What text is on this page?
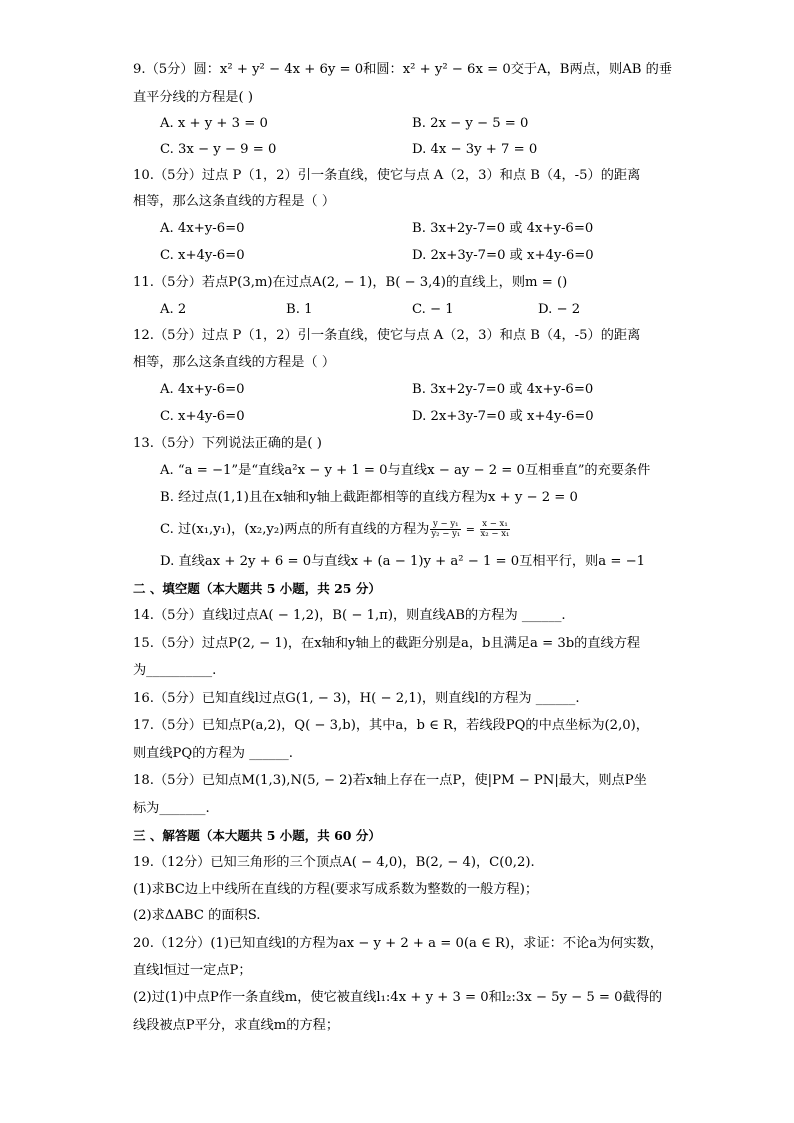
9.（5分）圆：x² + y² − 4x + 6y = 0和圆：x² + y² − 6x = 0交于A，B两点，则AB 的垂
直平分线的方程是( )
A. x + y + 3 = 0	B. 2x − y − 5 = 0
C. 3x − y − 9 = 0	D. 4x − 3y + 7 = 0
10.（5分）过点 P（1，2）引一条直线，使它与点 A（2，3）和点 B（4，-5）的距离
相等，那么这条直线的方程是（ ）
A. 4x+y-6=0	B. 3x+2y-7=0 或 4x+y-6=0
C. x+4y-6=0	D. 2x+3y-7=0 或 x+4y-6=0
11.（5分）若点P(3,m)在过点A(2, − 1)，B( − 3,4)的直线上，则m = ()
A. 2	B. 1	C. − 1	D. − 2
12.（5分）过点 P（1，2）引一条直线，使它与点 A（2，3）和点 B（4，-5）的距离
相等，那么这条直线的方程是（ ）
A. 4x+y-6=0	B. 3x+2y-7=0 或 4x+y-6=0
C. x+4y-6=0	D. 2x+3y-7=0 或 x+4y-6=0
13.（5分）下列说法正确的是( )
A. “a = −1”是“直线a²x − y + 1 = 0与直线x − ay − 2 = 0互相垂直”的充要条件
B. 经过点(1,1)且在x轴和y轴上截距都相等的直线方程为x + y − 2 = 0
C. 过(x₁,y₁)，(x₂,y₂)两点的所有直线的方程为 $\frac{\text{y − y₁}}{\text{y₂ − y₁}} = \frac{\text{x − x₁}}{\text{x₂ − x₁}}$
D. 直线ax + 2y + 6 = 0与直线x + (a − 1)y + a² − 1 = 0互相平行，则a = −1
二 、填空题（本大题共 5 小题，共 25 分）
14.（5分）直线l过点A( − 1,2)，B( − 1,π)，则直线AB的方程为 ______.
15.（5分）过点P(2, − 1)，在x轴和y轴上的截距分别是a，b且满足a = 3b的直线方程
为__________.
16.（5分）已知直线l过点G(1, − 3)，H( − 2,1)，则直线l的方程为 ______.
17.（5分）已知点P(a,2)，Q( − 3,b)，其中a，b ∈ R，若线段PQ的中点坐标为(2,0)，
则直线PQ的方程为 ______.
18.（5分）已知点M(1,3),N(5, − 2)若x轴上存在一点P，使|PM − PN|最大，则点P坐
标为_______.
三 、解答题（本大题共 5 小题，共 60 分）
19.（12分）已知三角形的三个顶点A( − 4,0)，B(2, − 4)，C(0,2).
(1)求BC边上中线所在直线的方程(要求写成系数为整数的一般方程)；
(2)求ΔABC 的面积S.
20.（12分）(1)已知直线l的方程为ax − y + 2 + a = 0(a ∈ R)，求证：不论a为何实数，
直线l恒过一定点P；
(2)过(1)中点P作一条直线m，使它被直线l₁:4x + y + 3 = 0和l₂:3x − 5y − 5 = 0截得的
线段被点P平分，求直线m的方程；
